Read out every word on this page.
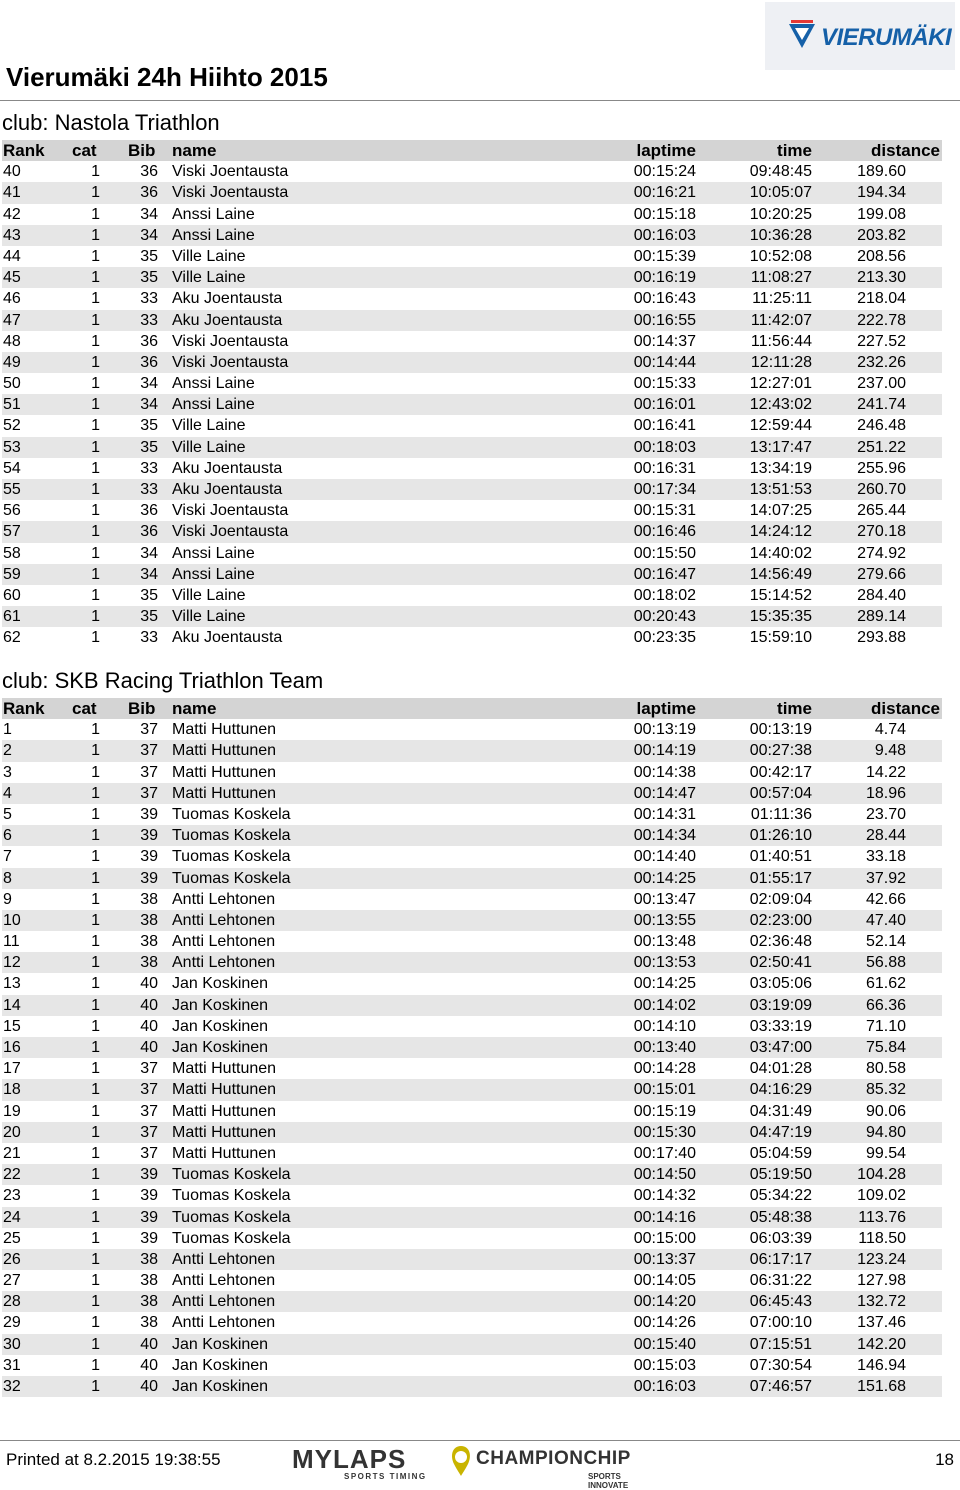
VIERUMÄKI
Vierumäki 24h Hiihto 2015
club: Nastola Triathlon
Rank cat Bib name	laptime	time	distance
40	1	36 Viski Joentausta	00:15:24	09:48:45	189.60
41	1	36 Viski Joentausta	00:16:21	10:05:07	194.34
42	1	34 Anssi Laine	00:15:18	10:20:25	199.08
43	1	34 Anssi Laine	00:16:03	10:36:28	203.82
44	1	35 Ville Laine	00:15:39	10:52:08	208.56
45	1	35 Ville Laine	00:16:19	11:08:27	213.30
46	1	33 Aku Joentausta	00:16:43	11:25:11	218.04
47	1	33 Aku Joentausta	00:16:55	11:42:07	222.78
48	1	36 Viski Joentausta	00:14:37	11:56:44	227.52
49	1	36 Viski Joentausta	00:14:44	12:11:28	232.26
50	1	34 Anssi Laine	00:15:33	12:27:01	237.00
51	1	34 Anssi Laine	00:16:01	12:43:02	241.74
52	1	35 Ville Laine	00:16:41	12:59:44	246.48
53	1	35 Ville Laine	00:18:03	13:17:47	251.22
54	1	33 Aku Joentausta	00:16:31	13:34:19	255.96
55	1	33 Aku Joentausta	00:17:34	13:51:53	260.70
56	1	36 Viski Joentausta	00:15:31	14:07:25	265.44
57	1	36 Viski Joentausta	00:16:46	14:24:12	270.18
58	1	34 Anssi Laine	00:15:50	14:40:02	274.92
59	1	34 Anssi Laine	00:16:47	14:56:49	279.66
60	1	35 Ville Laine	00:18:02	15:14:52	284.40
61	1	35 Ville Laine	00:20:43	15:35:35	289.14
62	1	33 Aku Joentausta	00:23:35	15:59:10	293.88
club: SKB Racing Triathlon Team
Rank cat Bib name	laptime	time	distance
1	1	37 Matti Huttunen	00:13:19	00:13:19	4.74
2	1	37 Matti Huttunen	00:14:19	00:27:38	9.48
3	1	37 Matti Huttunen	00:14:38	00:42:17	14.22
4	1	37 Matti Huttunen	00:14:47	00:57:04	18.96
5	1	39 Tuomas Koskela	00:14:31	01:11:36	23.70
6	1	39 Tuomas Koskela	00:14:34	01:26:10	28.44
7	1	39 Tuomas Koskela	00:14:40	01:40:51	33.18
8	1	39 Tuomas Koskela	00:14:25	01:55:17	37.92
9	1	38 Antti Lehtonen	00:13:47	02:09:04	42.66
10	1	38 Antti Lehtonen	00:13:55	02:23:00	47.40
11	1	38 Antti Lehtonen	00:13:48	02:36:48	52.14
12	1	38 Antti Lehtonen	00:13:53	02:50:41	56.88
13	1	40 Jan Koskinen	00:14:25	03:05:06	61.62
14	1	40 Jan Koskinen	00:14:02	03:19:09	66.36
15	1	40 Jan Koskinen	00:14:10	03:33:19	71.10
16	1	40 Jan Koskinen	00:13:40	03:47:00	75.84
17	1	37 Matti Huttunen	00:14:28	04:01:28	80.58
18	1	37 Matti Huttunen	00:15:01	04:16:29	85.32
19	1	37 Matti Huttunen	00:15:19	04:31:49	90.06
20	1	37 Matti Huttunen	00:15:30	04:47:19	94.80
21	1	37 Matti Huttunen	00:17:40	05:04:59	99.54
22	1	39 Tuomas Koskela	00:14:50	05:19:50	104.28
23	1	39 Tuomas Koskela	00:14:32	05:34:22	109.02
24	1	39 Tuomas Koskela	00:14:16	05:48:38	113.76
25	1	39 Tuomas Koskela	00:15:00	06:03:39	118.50
26	1	38 Antti Lehtonen	00:13:37	06:17:17	123.24
27	1	38 Antti Lehtonen	00:14:05	06:31:22	127.98
28	1	38 Antti Lehtonen	00:14:20	06:45:43	132.72
29	1	38 Antti Lehtonen	00:14:26	07:00:10	137.46
30	1	40 Jan Koskinen	00:15:40	07:15:51	142.20
31	1	40 Jan Koskinen	00:15:03	07:30:54	146.94
32	1	40 Jan Koskinen	00:16:03	07:46:57	151.68
Printed at 8.2.2015 19:38:55	MYLAPS
SPORTS TIMING
CHAMPIONCHIP
SPORTS INNOVATE
18
